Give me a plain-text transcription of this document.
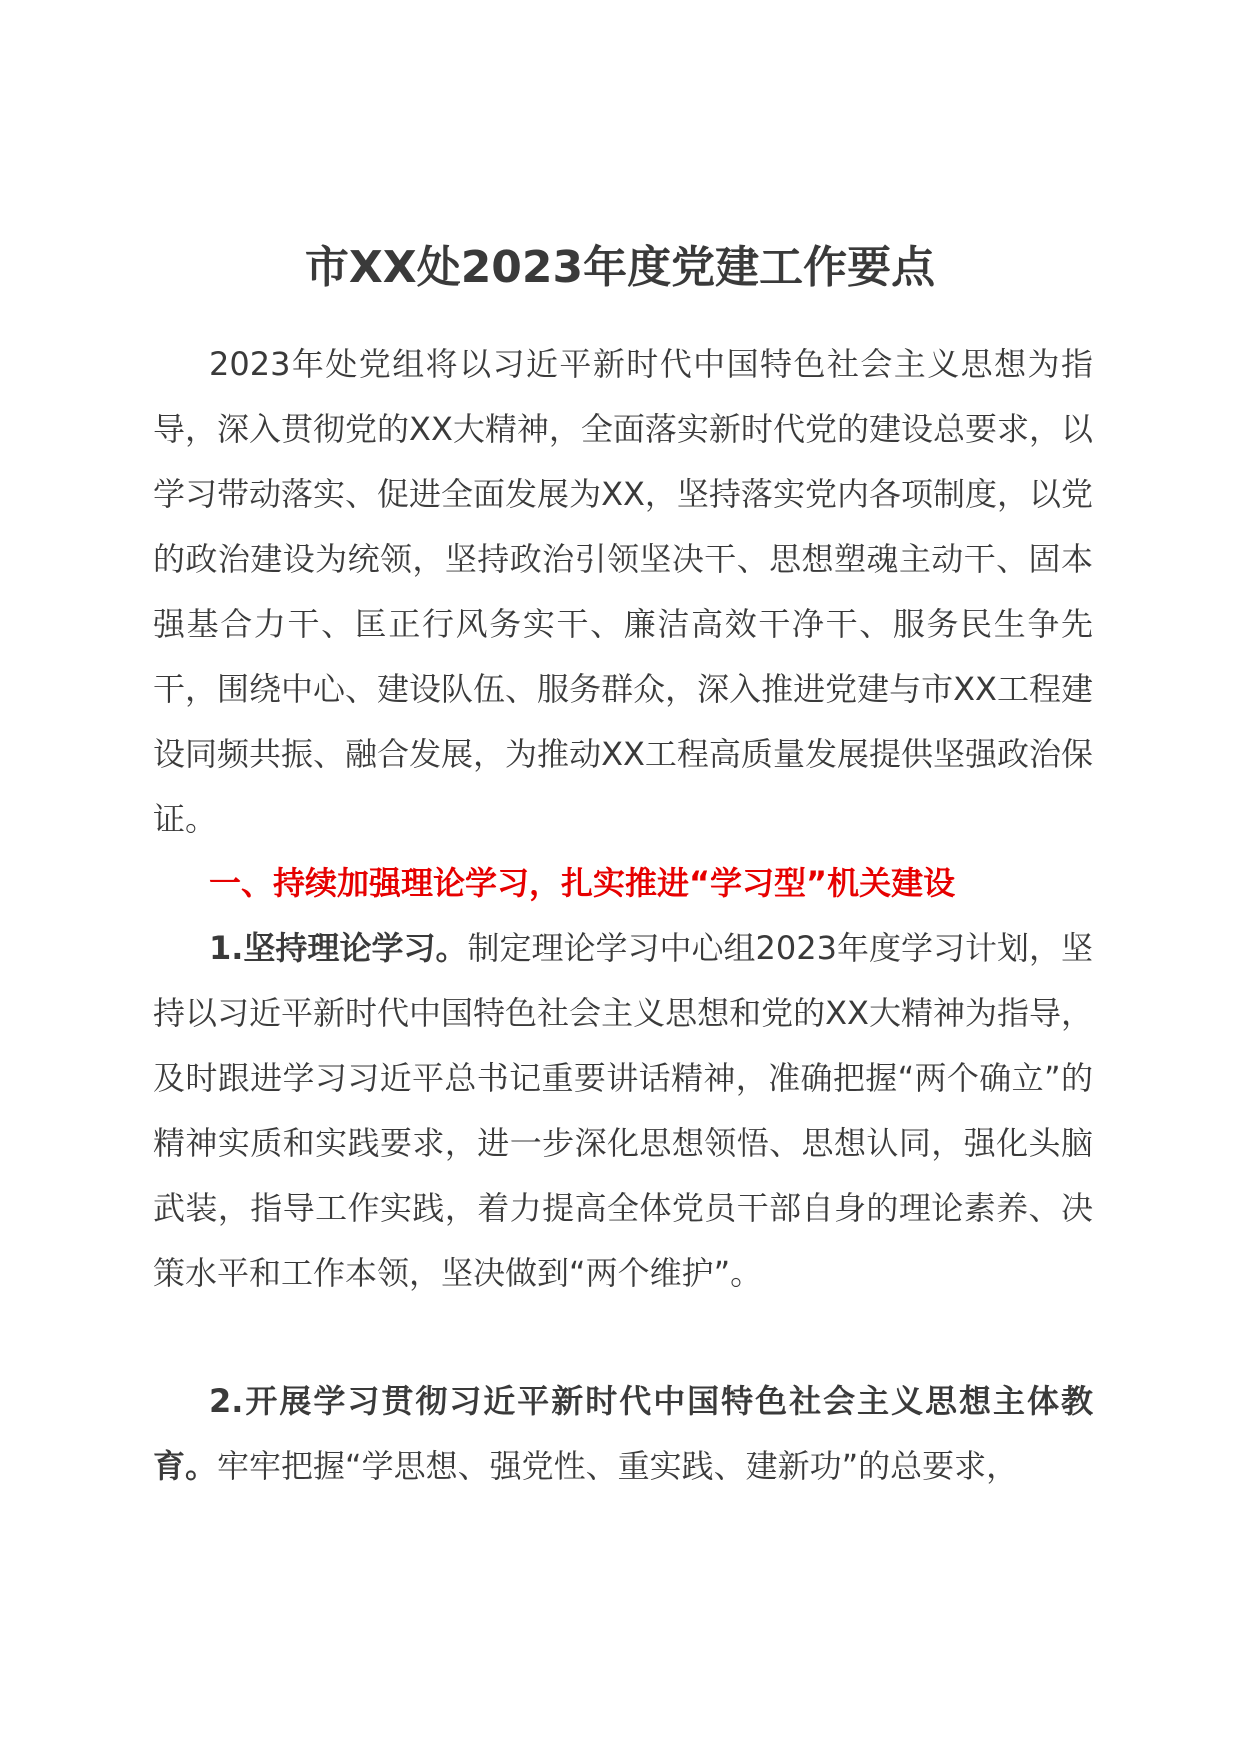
市XX处2023年度党建工作要点

2023年处党组将以习近平新时代中国特色社会主义思想为指导，深入贯彻党的XX大精神，全面落实新时代党的建设总要求，以学习带动落实、促进全面发展为XX，坚持落实党内各项制度，以党的政治建设为统领，坚持政治引领坚决干、思想塑魂主动干、固本强基合力干、匡正行风务实干、廉洁高效干净干、服务民生争先干，围绕中心、建设队伍、服务群众，深入推进党建与市XX工程建设同频共振、融合发展，为推动XX工程高质量发展提供坚强政治保证。

一、持续加强理论学习，扎实推进“学习型”机关建设

1.坚持理论学习。制定理论学习中心组2023年度学习计划，坚持以习近平新时代中国特色社会主义思想和党的XX大精神为指导，及时跟进学习习近平总书记重要讲话精神，准确把握“两个确立”的精神实质和实践要求，进一步深化思想领悟、思想认同，强化头脑武装，指导工作实践，着力提高全体党员干部自身的理论素养、决策水平和工作本领，坚决做到“两个维护”。

2.开展学习贯彻习近平新时代中国特色社会主义思想主体教育。牢牢把握“学思想、强党性、重实践、建新功”的总要求，
